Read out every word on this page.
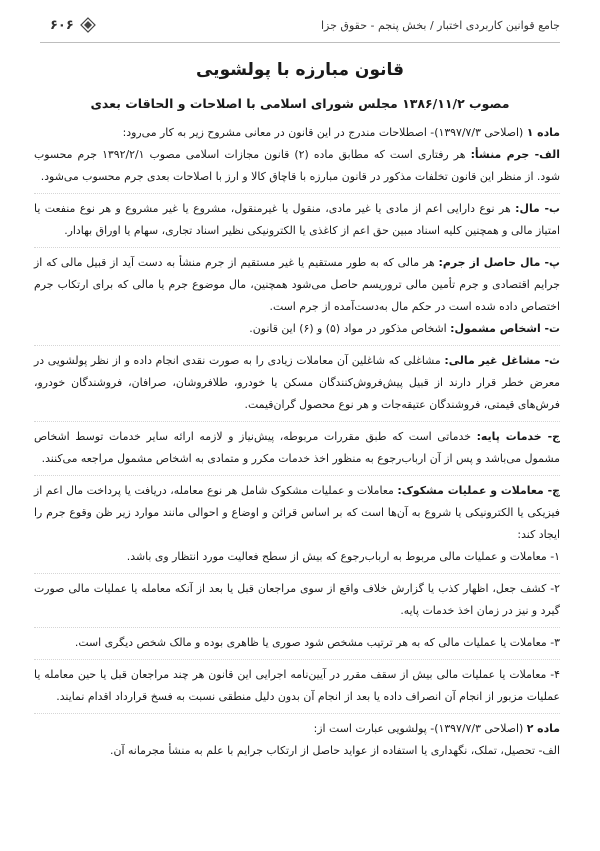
جامع قوانین کاربردی اختبار / بخش پنجم - حقوق جزا
۶۰۶
قانون مبارزه با پولشویی
مصوب ۱۳۸۶/۱۱/۲ مجلس شورای اسلامی با اصلاحات و الحاقات بعدی

ماده ۱ (اصلاحی ۱۳۹۷/۷/۳)- اصطلاحات مندرج در این قانون در معانی مشروح زیر به کار می‌رود:

الف- جرم منشأ: هر رفتاری است که مطابق ماده (۲) قانون مجازات اسلامی مصوب ۱۳۹۲/۲/۱ جرم محسوب شود. از منظر این قانون تخلفات مذکور در قانون مبارزه با قاچاق کالا و ارز با اصلاحات بعدی جرم محسوب می‌شود.

ب- مال: هر نوع دارایی اعم از مادی یا غیر مادی، منقول یا غیرمنقول، مشروع یا غیر مشروع و هر نوع منفعت یا امتیاز مالی و همچنین کلیه اسناد مبین حق اعم از کاغذی یا الکترونیکی نظیر اسناد تجاری، سهام یا اوراق بهادار.

پ- مال حاصل از جرم: هر مالی که به طور مستقیم یا غیر مستقیم از جرم منشأ به دست آید از قبیل مالی که از جرایم اقتصادی و جرم تأمین مالی تروریسم حاصل می‌شود همچنین، مال موضوع جرم یا مالی که برای ارتکاب جرم اختصاص داده شده است در حکم مال به‌دست‌آمده از جرم است.

ت- اشخاص مشمول: اشخاص مذکور در مواد (۵) و (۶) این قانون.

ث- مشاغل غیر مالی: مشاغلی که شاغلین آن معاملات زیادی را به صورت نقدی انجام داده و از نظر پولشویی در معرض خطر قرار دارند از قبیل پیش‌فروش‌کنندگان مسکن یا خودرو، طلافروشان، صرافان، فروشندگان خودرو، فرش‌های قیمتی، فروشندگان عتیقه‌جات و هر نوع محصول گران‌قیمت.

ج- خدمات پایه: خدماتی است که طبق مقررات مربوطه، پیش‌نیاز و لازمه ارائه سایر خدمات توسط اشخاص مشمول می‌باشد و پس از آن ارباب‌رجوع به منظور اخذ خدمات مکرر و متمادی به اشخاص مشمول مراجعه می‌کنند.

چ- معاملات و عملیات مشکوک: معاملات و عملیات مشکوک شامل هر نوع معامله، دریافت یا پرداخت مال اعم از فیزیکی یا الکترونیکی یا شروع به آن‌ها است که بر اساس قرائن و اوضاع و احوالی مانند موارد زیر ظن وقوع جرم را ایجاد کند:

۱- معاملات و عملیات مالی مربوط به ارباب‌رجوع که بیش از سطح فعالیت مورد انتظار وی باشد.

۲- کشف جعل، اظهار کذب یا گزارش خلاف واقع از سوی مراجعان قبل یا بعد از آنکه معامله یا عملیات مالی صورت گیرد و نیز در زمان اخذ خدمات پایه.

۳- معاملات یا عملیات مالی که به هر ترتیب مشخص شود صوری یا ظاهری بوده و مالک شخص دیگری است.

۴- معاملات یا عملیات مالی بیش از سقف مقرر در آیین‌نامه اجرایی این قانون هر چند مراجعان قبل یا حین معامله یا عملیات مزبور از انجام آن انصراف داده یا بعد از انجام آن بدون دلیل منطقی نسبت به فسخ قرارداد اقدام نمایند.

ماده ۲ (اصلاحی ۱۳۹۷/۷/۳)- پولشویی عبارت است از:

الف- تحصیل، تملک، نگهداری یا استفاده از عواید حاصل از ارتکاب جرایم با علم به منشأ مجرمانه آن.
